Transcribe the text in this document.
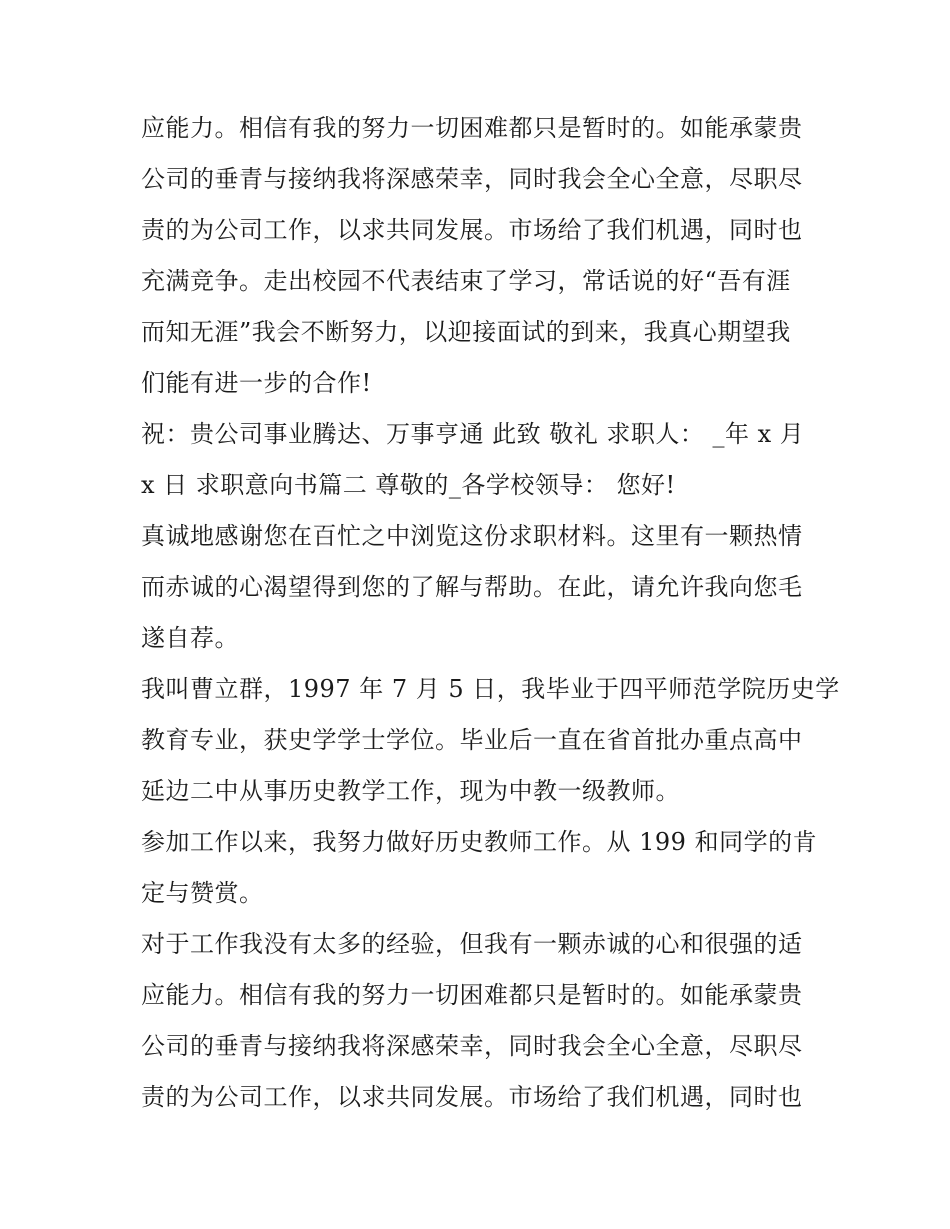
应能力。相信有我的努力一切困难都只是暂时的。如能承蒙贵
公司的垂青与接纳我将深感荣幸，同时我会全心全意，尽职尽
责的为公司工作，以求共同发展。市场给了我们机遇，同时也
充满竞争。走出校园不代表结束了学习，常话说的好“吾有涯
而知无涯”我会不断努力，以迎接面试的到来，我真心期望我
们能有进一步的合作!
祝：贵公司事业腾达、万事亨通 此致 敬礼 求职人： _年 x 月
x 日 求职意向书篇二 尊敬的_各学校领导： 您好!
真诚地感谢您在百忙之中浏览这份求职材料。这里有一颗热情
而赤诚的心渴望得到您的了解与帮助。在此，请允许我向您毛
遂自荐。
我叫曹立群，1997 年 7 月 5 日，我毕业于四平师范学院历史学
教育专业，获史学学士学位。毕业后一直在省首批办重点高中
延边二中从事历史教学工作，现为中教一级教师。
参加工作以来，我努力做好历史教师工作。从 199 和同学的肯
定与赞赏。
对于工作我没有太多的经验，但我有一颗赤诚的心和很强的适
应能力。相信有我的努力一切困难都只是暂时的。如能承蒙贵
公司的垂青与接纳我将深感荣幸，同时我会全心全意，尽职尽
责的为公司工作，以求共同发展。市场给了我们机遇，同时也
